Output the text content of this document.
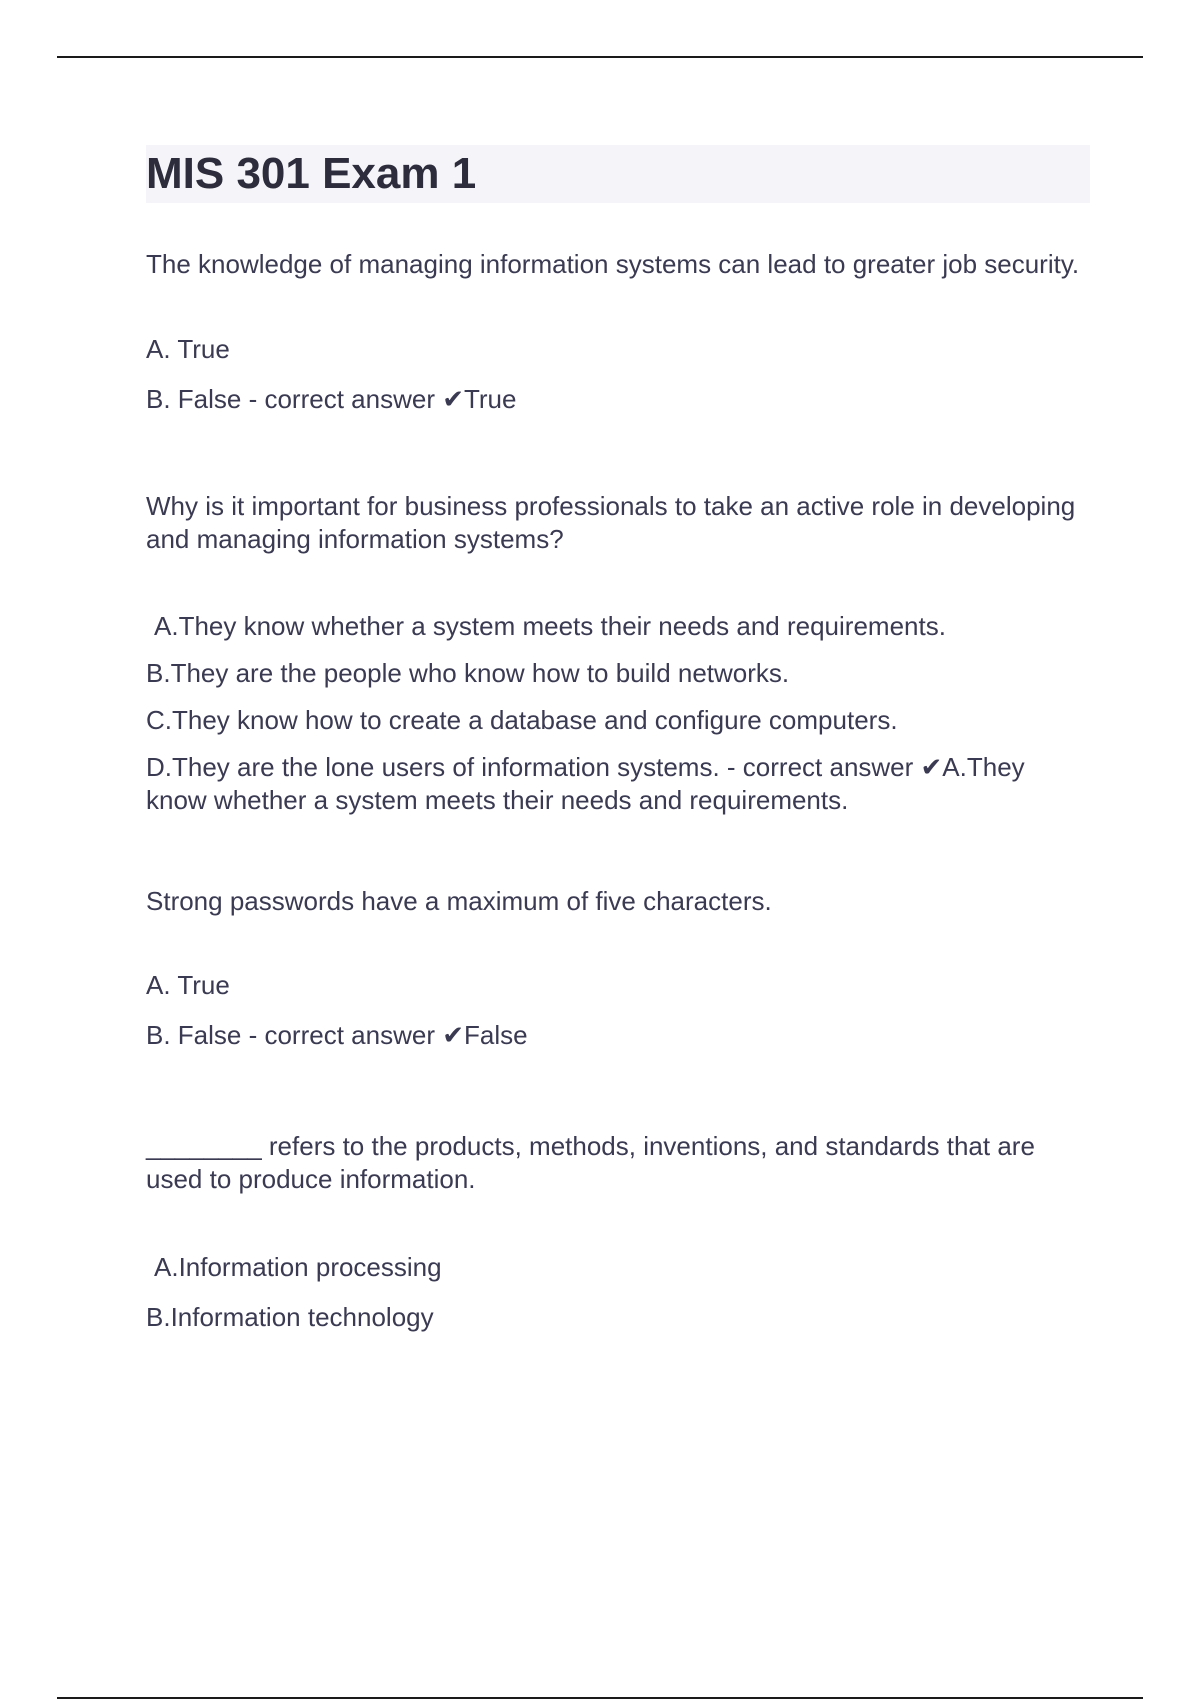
MIS 301 Exam 1

The knowledge of managing information systems can lead to greater job security.

A. True
B. False - correct answer ✔True

Why is it important for business professionals to take an active role in developing and managing information systems?

A.They know whether a system meets their needs and requirements.
B.They are the people who know how to build networks.
C.They know how to create a database and configure computers.
D.They are the lone users of information systems. - correct answer ✔A.They know whether a system meets their needs and requirements.

Strong passwords have a maximum of five characters.

A. True
B. False - correct answer ✔False

________ refers to the products, methods, inventions, and standards that are used to produce information.

A.Information processing
B.Information technology
